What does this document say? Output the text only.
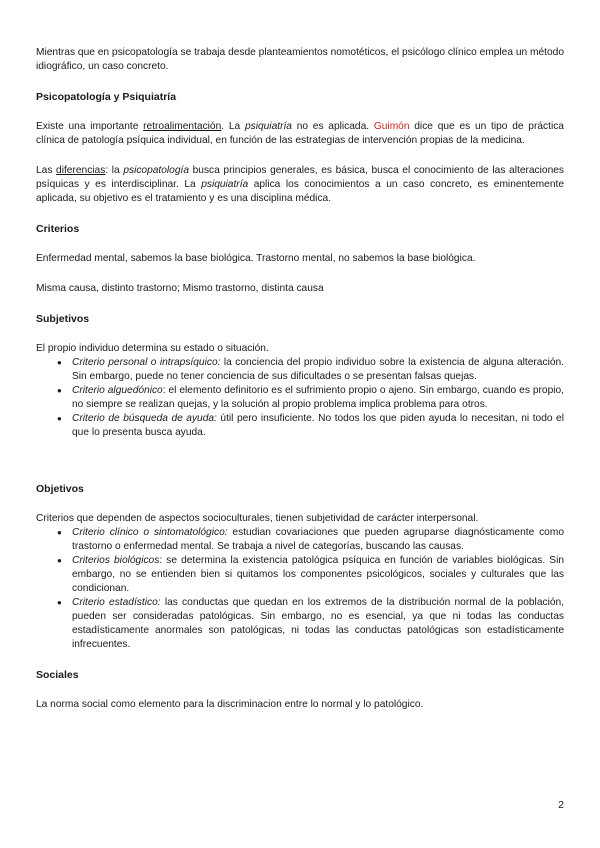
Mientras que en psicopatología se trabaja desde planteamientos nomotéticos, el psicólogo clínico emplea un método idiográfico, un caso concreto.

Psicopatología y Psiquiatría

Existe una importante retroalimentación. La psiquiatría no es aplicada. Guimón dice que es un tipo de práctica clínica de patología psíquica individual, en función de las estrategias de intervención propias de la medicina.

Las diferencias: la psicopatología busca principios generales, es básica, busca el conocimiento de las alteraciones psíquicas y es interdisciplinar. La psiquiatría aplica los conocimientos a un caso concreto, es eminentemente aplicada, su objetivo es el tratamiento y es una disciplina médica.

Criterios

Enfermedad mental, sabemos la base biológica. Trastorno mental, no sabemos la base biológica.

Misma causa, distinto trastorno; Mismo trastorno, distinta causa

Subjetivos

El propio individuo determina su estado o situación.

● Criterio personal o intrapsíquico: la conciencia del propio individuo sobre la existencia de alguna alteración. Sin embargo, puede no tener conciencia de sus dificultades o se presentan falsas quejas.
● Criterio alguedónico: el elemento definitorio es el sufrimiento propio o ajeno. Sin embargo, cuando es propio, no siempre se realizan quejas, y la solución al propio problema implica problema para otros.
● Criterio de búsqueda de ayuda: útil pero insuficiente. No todos los que piden ayuda lo necesitan, ni todo el que lo presenta busca ayuda.
Objetivos

Criterios que dependen de aspectos socioculturales, tienen subjetividad de carácter interpersonal.

● Criterio clínico o sintomatológico: estudian covariaciones que pueden agruparse diagnósticamente como trastorno o enfermedad mental. Se trabaja a nivel de categorías, buscando las causas.
● Criterios biológicos: se determina la existencia patológica psíquica en función de variables biológicas. Sin embargo, no se entienden bien si quitamos los componentes psicológicos, sociales y culturales que las condicionan.
● Criterio estadístico: las conductas que quedan en los extremos de la distribución normal de la población, pueden ser consideradas patológicas. Sin embargo, no es esencial, ya que ni todas las conductas estadísticamente anormales son patológicas, ni todas las conductas patológicas son estadísticamente infrecuentes.
Sociales

La norma social como elemento para la discriminacion entre lo normal y lo patológico.

2
